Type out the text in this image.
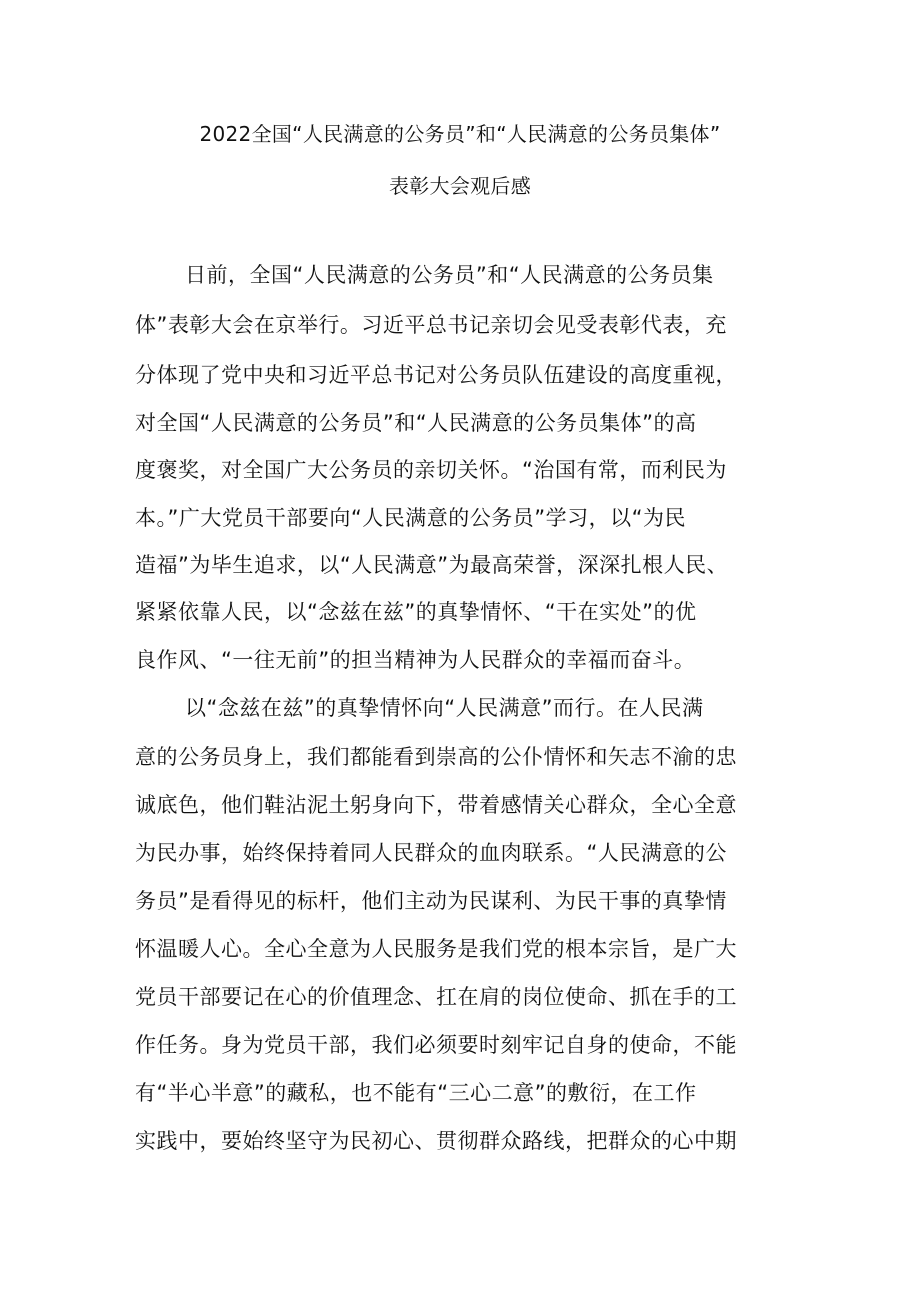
2022全国“人民满意的公务员”和“人民满意的公务员集体”
表彰大会观后感
日前，全国“人民满意的公务员”和“人民满意的公务员集
体”表彰大会在京举行。习近平总书记亲切会见受表彰代表，充
分体现了党中央和习近平总书记对公务员队伍建设的高度重视，
对全国“人民满意的公务员”和“人民满意的公务员集体”的高
度褒奖，对全国广大公务员的亲切关怀。“治国有常，而利民为
本。”广大党员干部要向“人民满意的公务员”学习，以“为民
造福”为毕生追求，以“人民满意”为最高荣誉，深深扎根人民、
紧紧依靠人民，以“念兹在兹”的真挚情怀、“干在实处”的优
良作风、“一往无前”的担当精神为人民群众的幸福而奋斗。
以“念兹在兹”的真挚情怀向“人民满意”而行。在人民满
意的公务员身上，我们都能看到崇高的公仆情怀和矢志不渝的忠
诚底色，他们鞋沾泥土躬身向下，带着感情关心群众，全心全意
为民办事，始终保持着同人民群众的血肉联系。“人民满意的公
务员”是看得见的标杆，他们主动为民谋利、为民干事的真挚情
怀温暖人心。全心全意为人民服务是我们党的根本宗旨，是广大
党员干部要记在心的价值理念、扛在肩的岗位使命、抓在手的工
作任务。身为党员干部，我们必须要时刻牢记自身的使命，不能
有“半心半意”的藏私，也不能有“三心二意”的敷衍，在工作
实践中，要始终坚守为民初心、贯彻群众路线，把群众的心中期
